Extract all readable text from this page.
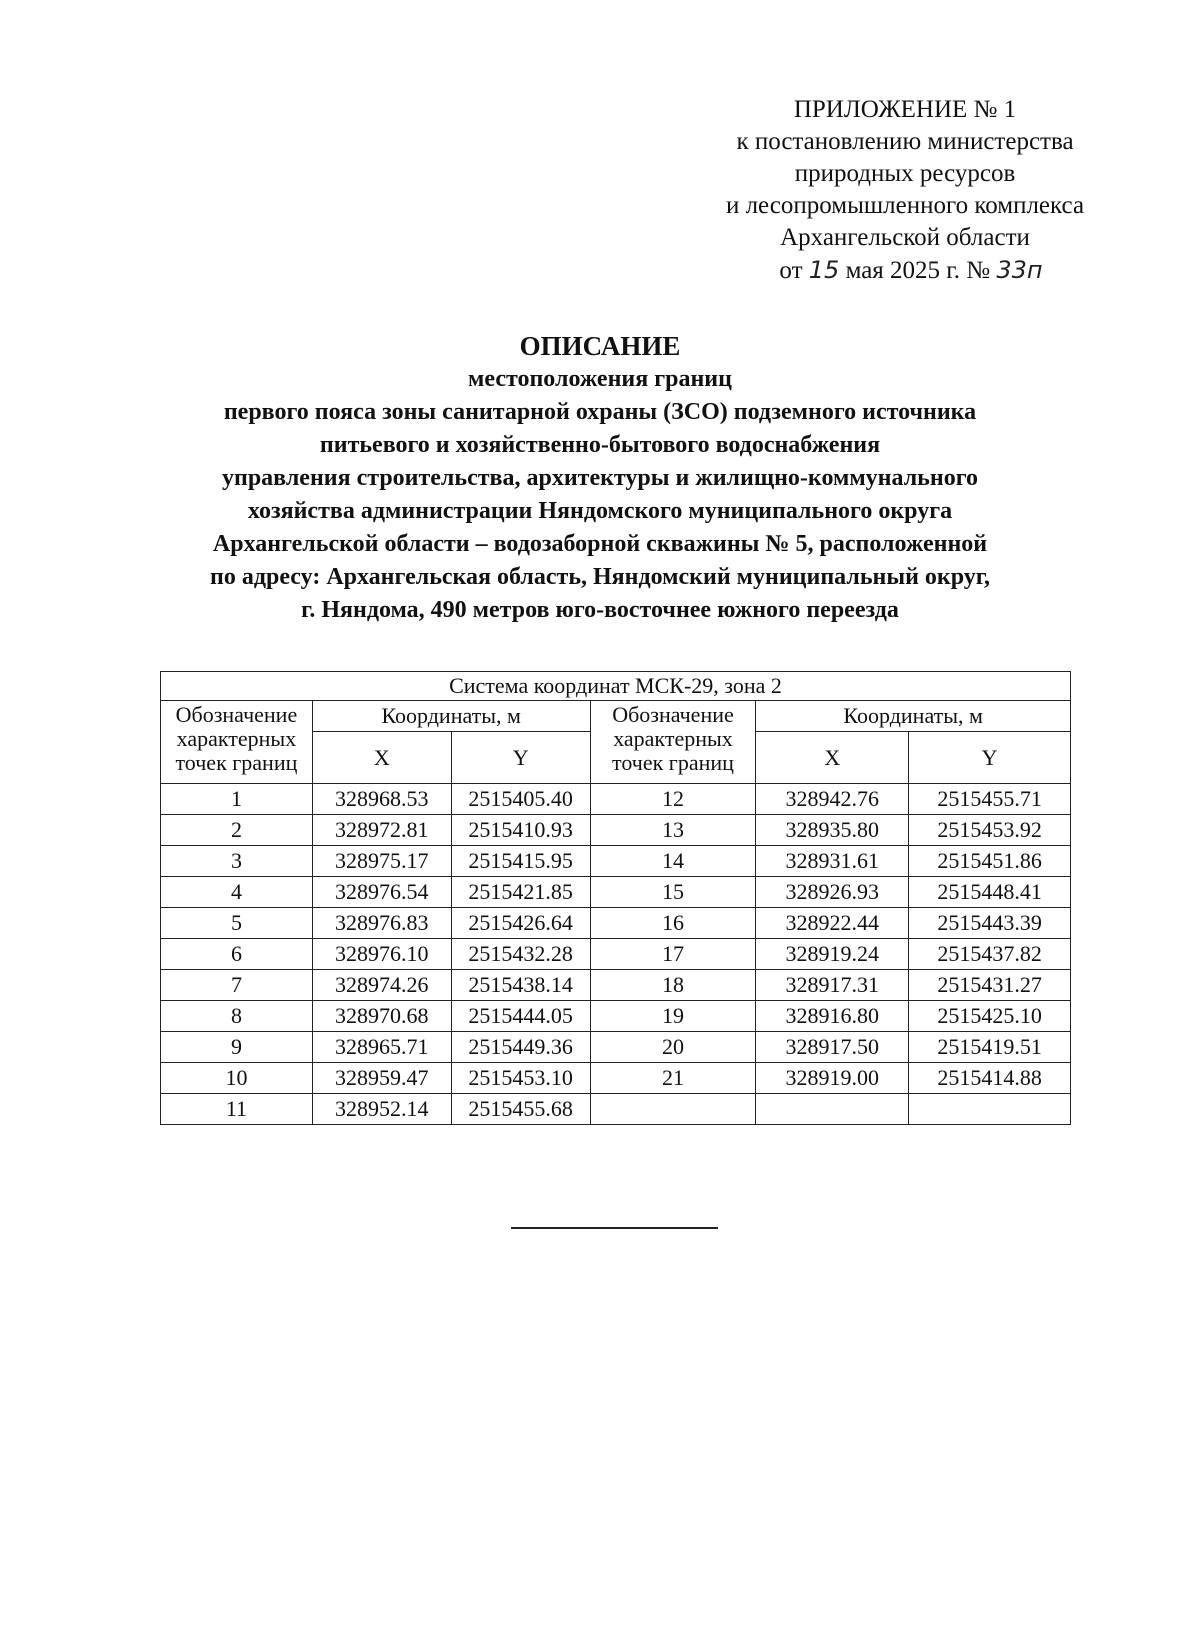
ПРИЛОЖЕНИЕ № 1
к постановлению министерства
природных ресурсов
и лесопромышленного комплекса
Архангельской области
от 15 мая 2025 г. № 33п
ОПИСАНИЕ
местоположения границ
первого пояса зоны санитарной охраны (ЗСО) подземного источника
питьевого и хозяйственно-бытового водоснабжения
управления строительства, архитектуры и жилищно-коммунального
хозяйства администрации Няндомского муниципального округа
Архангельской области – водозаборной скважины № 5, расположенной
по адресу: Архангельская область, Няндомский муниципальный округ,
г. Няндома, 490 метров юго-восточнее южного переезда
Система координат МСК-29, зона 2					
Обозначение
характерных
точек границ	Координаты, м		Обозначение
характерных
точек границ	Координаты, м	
	X	Y		X	Y
1	328968.53	2515405.40	12	328942.76	2515455.71
2	328972.81	2515410.93	13	328935.80	2515453.92
3	328975.17	2515415.95	14	328931.61	2515451.86
4	328976.54	2515421.85	15	328926.93	2515448.41
5	328976.83	2515426.64	16	328922.44	2515443.39
6	328976.10	2515432.28	17	328919.24	2515437.82
7	328974.26	2515438.14	18	328917.31	2515431.27
8	328970.68	2515444.05	19	328916.80	2515425.10
9	328965.71	2515449.36	20	328917.50	2515419.51
10	328959.47	2515453.10	21	328919.00	2515414.88
11	328952.14	2515455.68			
